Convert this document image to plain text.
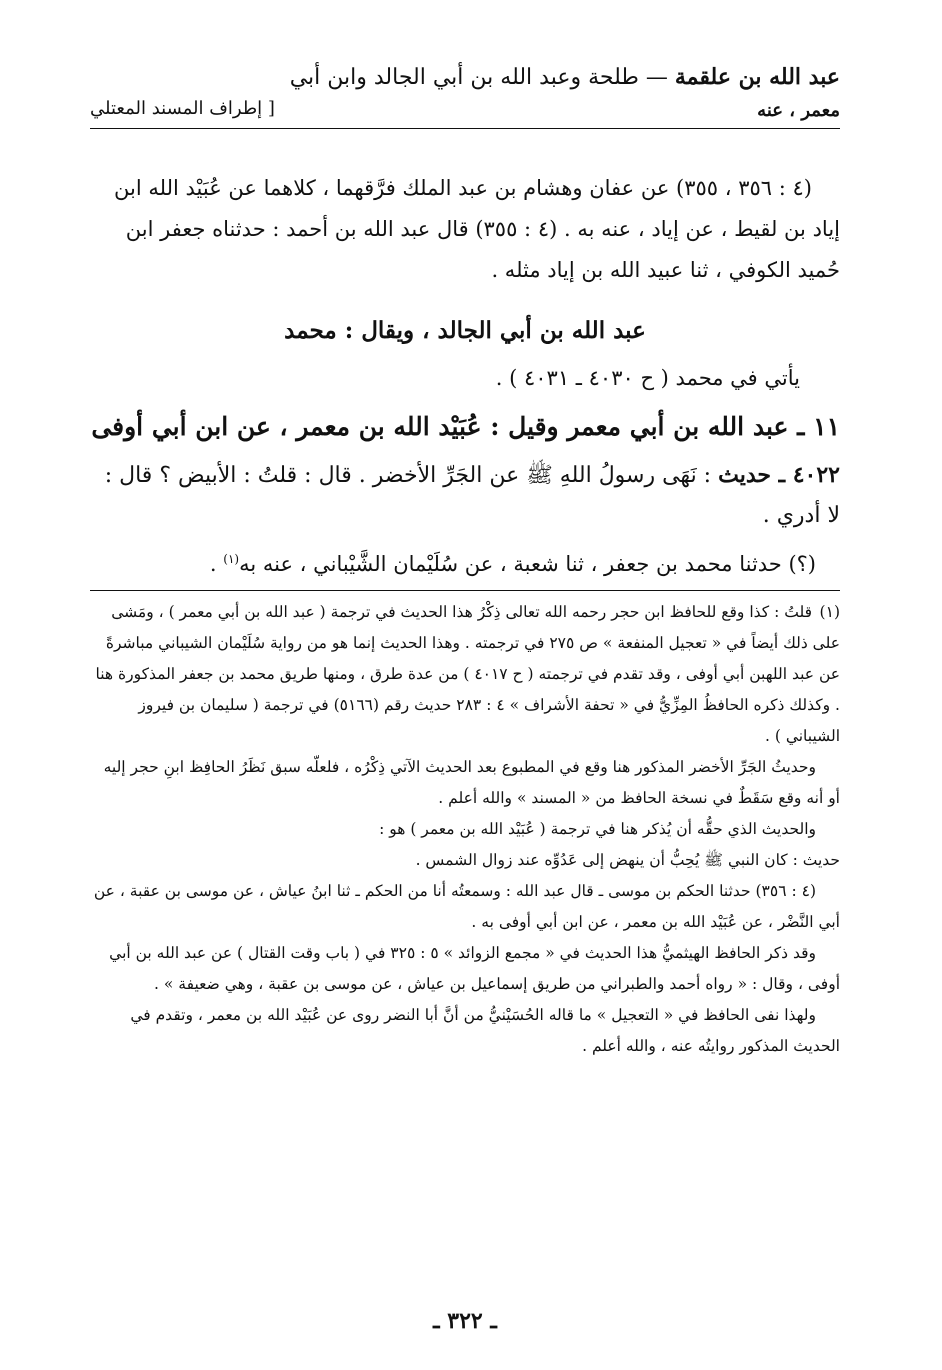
عبد الله بن علقمة — طلحة وعبد الله بن أبي الجالد وابن أبي
معمر ، عنه
[ إطراف المسند المعتلي

(٤ : ٣٥٦ ، ٣٥٥) عن عفان وهشام بن عبد الملك فرَّقهما ، كلاهما عن عُبَيْد الله ابن إياد بن لقيط ، عن إياد ، عنه به . (٤ : ٣٥٥) قال عبد الله بن أحمد : حدثناه جعفر ابن حُميد الكوفي ، ثنا عبيد الله بن إياد مثله .

عبد الله بن أبي الجالد ، ويقال : محمد
يأتي في محمد ( ح ٤٠٣٠ ـ ٤٠٣١ ) .
١١ ـ عبد الله بن أبي معمر وقيل : عُبَيْد الله بن معمر ، عن ابن أبي أوفى

٤٠٢٢ ـ حديث : نَهَى رسولُ اللهِ ﷺ عن الجَرِّ الأخضر . قال : قلتُ : الأبيض ؟ قال : لا أدري .

(؟) حدثنا محمد بن جعفر ، ثنا شعبة ، عن سُلَيْمان الشَّيْباني ، عنه به$^{(١)}$ .

(١)قلتُ : كذا وقع للحافظ ابن حجر رحمه الله تعالى ذِكْرُ هذا الحديث في ترجمة ( عبد الله بن أبي معمر ) ، ومَشى على ذلك أيضاً في « تعجيل المنفعة » ص ٢٧٥ في ترجمته . وهذا الحديث إنما هو من رواية سُلَيْمان الشيباني مباشرةً عن عبد اللهبن أبي أوفى ، وقد تقدم في ترجمته ( ح ٤٠١٧ ) من عدة طرق ، ومنها طريق محمد بن جعفر المذكورة هنا . وكذلك ذكره الحافظُ المِزِّيُّ في « تحفة الأشراف » ٤ : ٢٨٣ حديث رقم (٥١٦٦) في ترجمة ( سليمان بن فيروز الشيباني ) .

وحديثُ الجَرِّ الأخضر المذكور هنا وقع في المطبوع بعد الحديث الآتي ذِكْرُه ، فلعلّه سبق نَظَرُ الحافِظ ابنِ حجر إليه أو أنه وقع سَقَطٌ في نسخة الحافظ من « المسند » والله أعلم .

والحديث الذي حقُّه أن يُذكر هنا في ترجمة ( عُبَيْد الله بن معمر ) هو :

حديث : كان النبي ﷺ يُحِبُّ أن ينهض إلى عَدُوِّه عند زوال الشمس .

(٤ : ٣٥٦) حدثنا الحكم بن موسى ـ قال عبد الله : وسمعتُه أنا من الحكم ـ ثنا ابنُ عياش ، عن موسى بن عقبة ، عن أبي النَّضْر ، عن عُبَيْد الله بن معمر ، عن ابن أبي أوفى به .

وقد ذكر الحافظ الهيثميُّ هذا الحديث في « مجمع الزوائد » ٥ : ٣٢٥ في ( باب وقت القتال ) عن عبد الله بن أبي أوفى ، وقال : « رواه أحمد والطبراني من طريق إسماعيل بن عياش ، عن موسى بن عقبة ، وهي ضعيفة » .

ولهذا نفى الحافظ في « التعجيل » ما قاله الحُسَيْنيُّ من أنَّ أبا النضر روى عن عُبَيْد الله بن معمر ، وتقدم في الحديث المذكور روايتُه عنه ، والله أعلم .

ـ ٣٢٢ ـ
